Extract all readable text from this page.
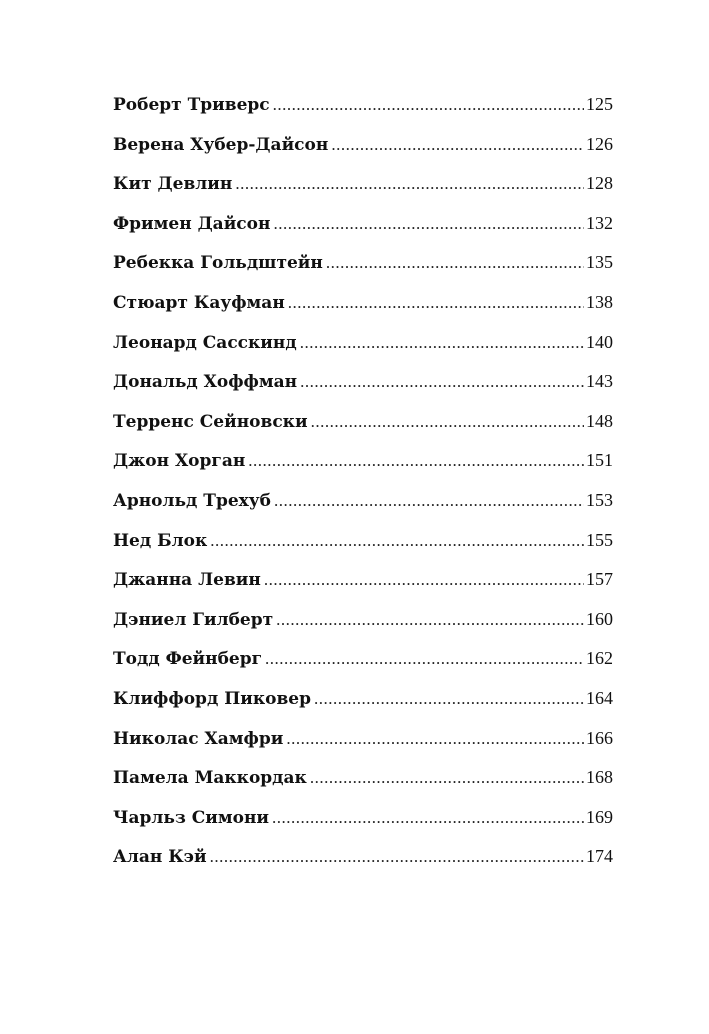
Роберт Триверс .....	125
Верена Хубер-Дайсон .....	126
Кит Девлин .....	128
Фримен Дайсон .....	132
Ребекка Гольдштейн .....	135
Стюарт Кауфман .....	138
Леонард Сасскинд .....	140
Дональд Хоффман .....	143
Терренс Сейновски .....	148
Джон Хорган .....	151
Арнольд Трехуб .....	153
Нед Блок .....	155
Джанна Левин .....	157
Дэниел Гилберт .....	160
Тодд Фейнберг .....	162
Клиффорд Пиковер .....	164
Николас Хамфри .....	166
Памела Маккордак .....	168
Чарльз Симони .....	169
Алан Кэй .....	174
